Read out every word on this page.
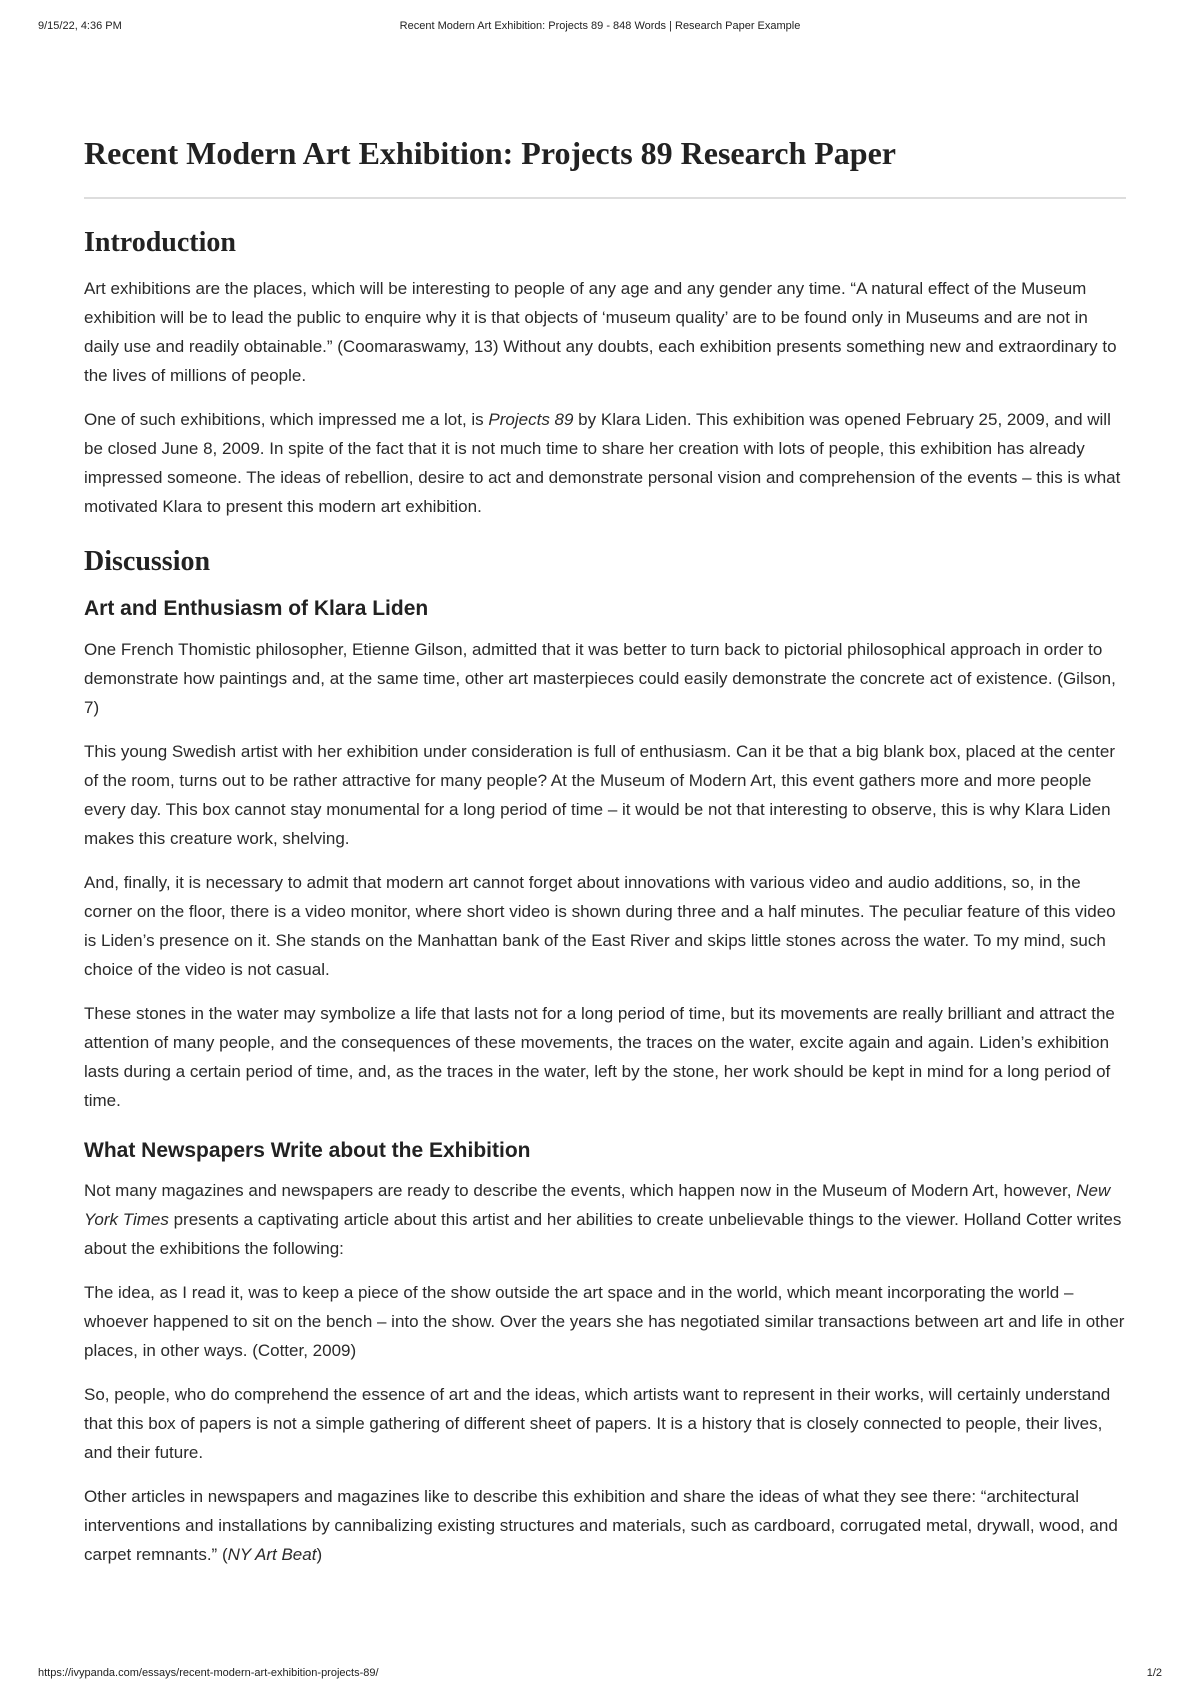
9/15/22, 4:36 PM	Recent Modern Art Exhibition: Projects 89 - 848 Words | Research Paper Example
Recent Modern Art Exhibition: Projects 89 Research Paper
Introduction

Art exhibitions are the places, which will be interesting to people of any age and any gender any time. “A natural effect of the Museum exhibition will be to lead the public to enquire why it is that objects of ‘museum quality’ are to be found only in Museums and are not in daily use and readily obtainable.” (Coomaraswamy, 13) Without any doubts, each exhibition presents something new and extraordinary to the lives of millions of people.

One of such exhibitions, which impressed me a lot, is Projects 89 by Klara Liden. This exhibition was opened February 25, 2009, and will be closed June 8, 2009. In spite of the fact that it is not much time to share her creation with lots of people, this exhibition has already impressed someone. The ideas of rebellion, desire to act and demonstrate personal vision and comprehension of the events – this is what motivated Klara to present this modern art exhibition.

Discussion
Art and Enthusiasm of Klara Liden

One French Thomistic philosopher, Etienne Gilson, admitted that it was better to turn back to pictorial philosophical approach in order to demonstrate how paintings and, at the same time, other art masterpieces could easily demonstrate the concrete act of existence. (Gilson, 7)

This young Swedish artist with her exhibition under consideration is full of enthusiasm. Can it be that a big blank box, placed at the center of the room, turns out to be rather attractive for many people? At the Museum of Modern Art, this event gathers more and more people every day. This box cannot stay monumental for a long period of time – it would be not that interesting to observe, this is why Klara Liden makes this creature work, shelving.

And, finally, it is necessary to admit that modern art cannot forget about innovations with various video and audio additions, so, in the corner on the floor, there is a video monitor, where short video is shown during three and a half minutes. The peculiar feature of this video is Liden’s presence on it. She stands on the Manhattan bank of the East River and skips little stones across the water. To my mind, such choice of the video is not casual.

These stones in the water may symbolize a life that lasts not for a long period of time, but its movements are really brilliant and attract the attention of many people, and the consequences of these movements, the traces on the water, excite again and again. Liden’s exhibition lasts during a certain period of time, and, as the traces in the water, left by the stone, her work should be kept in mind for a long period of time.

What Newspapers Write about the Exhibition

Not many magazines and newspapers are ready to describe the events, which happen now in the Museum of Modern Art, however, New York Times presents a captivating article about this artist and her abilities to create unbelievable things to the viewer. Holland Cotter writes about the exhibitions the following:

The idea, as I read it, was to keep a piece of the show outside the art space and in the world, which meant incorporating the world – whoever happened to sit on the bench – into the show. Over the years she has negotiated similar transactions between art and life in other places, in other ways. (Cotter, 2009)

So, people, who do comprehend the essence of art and the ideas, which artists want to represent in their works, will certainly understand that this box of papers is not a simple gathering of different sheet of papers. It is a history that is closely connected to people, their lives, and their future.

Other articles in newspapers and magazines like to describe this exhibition and share the ideas of what they see there: “architectural interventions and installations by cannibalizing existing structures and materials, such as cardboard, corrugated metal, drywall, wood, and carpet remnants.” (NY Art Beat)

https://ivypanda.com/essays/recent-modern-art-exhibition-projects-89/	1/2
